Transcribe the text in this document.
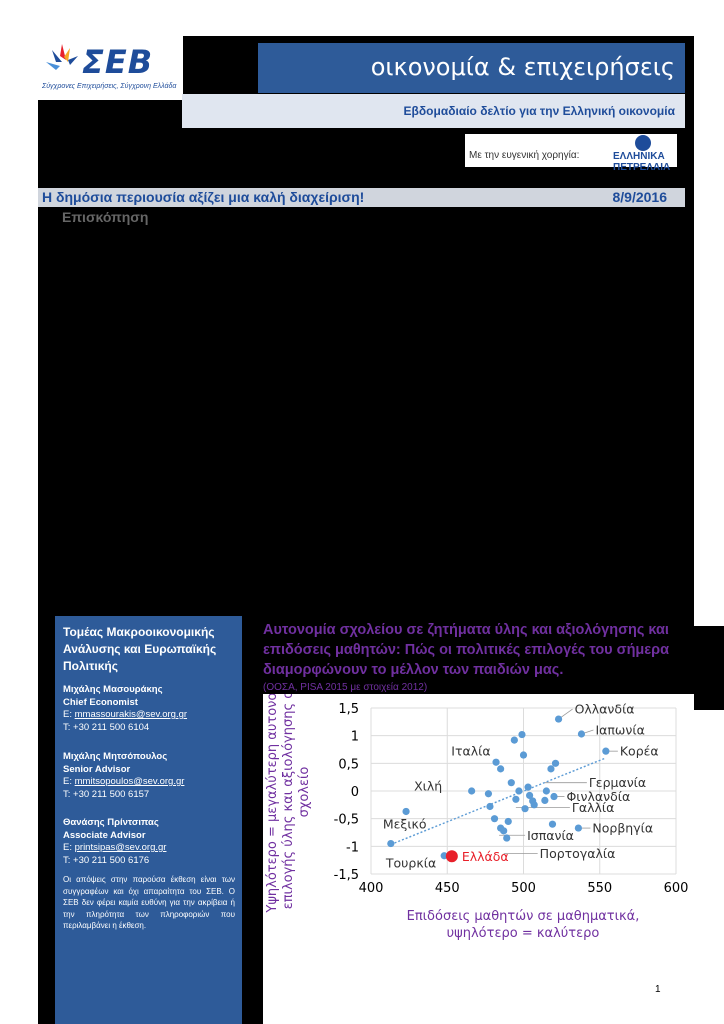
ΣΕΒ
Σύγχρονες Επιχειρήσεις, Σύγχρονη Ελλάδα
οικονομία & επιχειρήσεις
Εβδομαδιαίο δελτίο για την Ελληνική οικονομία
Με την ευγενική χορηγία:	ΕΛΛΗΝΙΚΑ ΠΕΤΡΕΛΑΙΑ
Η δημόσια περιουσία αξίζει μια καλή διαχείριση!	8/9/2016
Επισκόπηση
Τομέας Μακροοικονομικής Ανάλυσης και Ευρωπαϊκής Πολιτικής
Μιχάλης Μασουράκης
Chief Economist
E: mmassourakis@sev.org.gr
T: +30 211 500 6104
Μιχάλης Μητσόπουλος
Senior Advisor
E: mmitsopoulos@sev.org.gr
T: +30 211 500 6157
Θανάσης Πρίντσιπας
Associate Advisor
E: printsipas@sev.org.gr
T: +30 211 500 6176
Οι απόψεις στην παρούσα έκθεση είναι των συγγραφέων και όχι απαραίτητα του ΣΕΒ. Ο ΣΕΒ δεν φέρει καμία ευθύνη για την ακρίβεια ή την πληρότητα των πληροφοριών που περιλαμβάνει η έκθεση.
Αυτονομία σχολείου σε ζητήματα ύλης και αξιολόγησης και επιδόσεις μαθητών: Πώς οι πολιτικές επιλογές του σήμερα διαμορφώνουν το μέλλον των παιδιών μας.
(ΟΟΣΑ, PISA 2015 με στοιχεία 2012)
1,5
1
0,5
0
-0,5
-1
-1,5
400	450	500	550	600
Ολλανδία
Ιαπωνία
Κορέα
Ιταλία
Γερμανία
Φινλανδία
Γαλλία
Νορβηγία
Ισπανία
Πορτογαλία
Χιλή
Μεξικό
Τουρκία Ελλάδα
Υψηλότερο = μεγαλύτερη αυτονομίαεπιλογής ύλης και αξιολόγησης στοσχολείο
Επιδόσεις μαθητών σε μαθηματικά, υψηλότερο = καλύτερο
1
